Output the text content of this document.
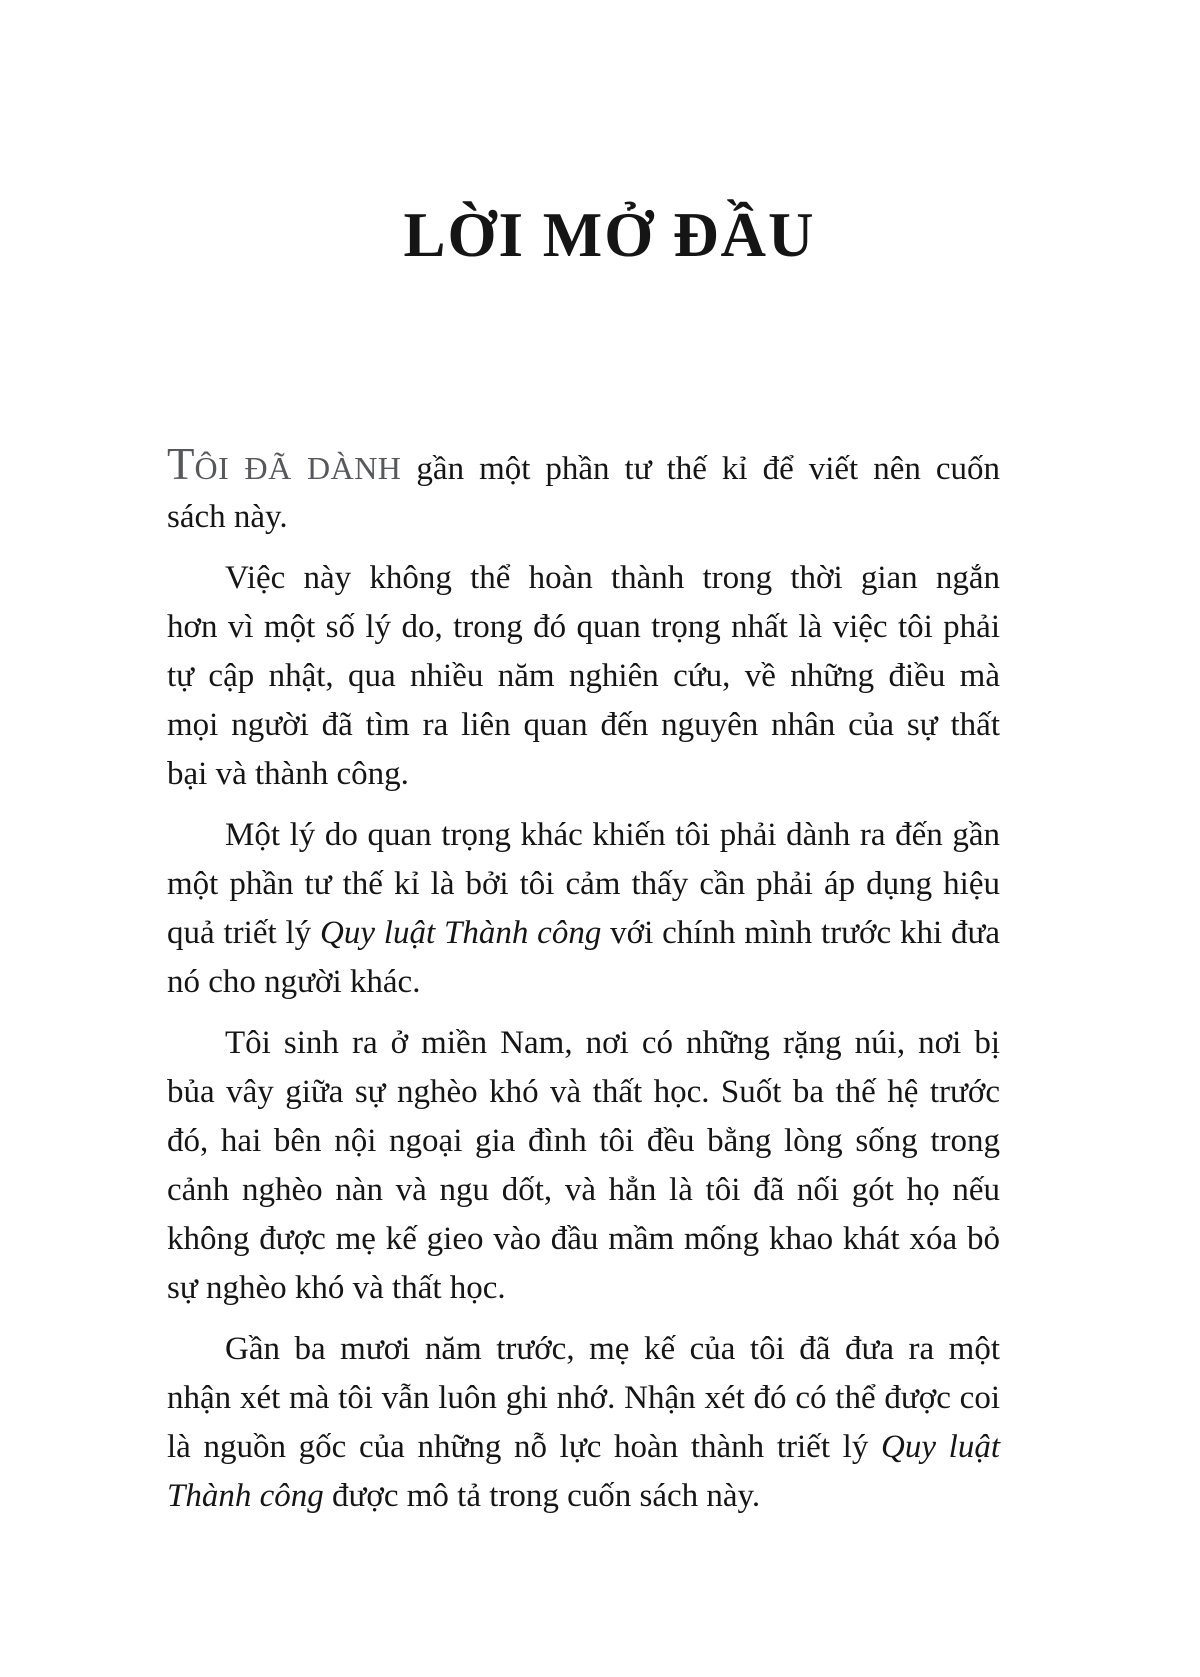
LỜI MỞ ĐẦU

TÔI ĐÃ DÀNH gần một phần tư thế kỉ để viết nên cuốn
sách này.

Việc này không thể hoàn thành trong thời gian ngắn
hơn vì một số lý do, trong đó quan trọng nhất là việc tôi phải
tự cập nhật, qua nhiều năm nghiên cứu, về những điều mà
mọi người đã tìm ra liên quan đến nguyên nhân của sự thất
bại và thành công.

Một lý do quan trọng khác khiến tôi phải dành ra đến gần
một phần tư thế kỉ là bởi tôi cảm thấy cần phải áp dụng hiệu
quả triết lý Quy luật Thành công với chính mình trước khi đưa
nó cho người khác.

Tôi sinh ra ở miền Nam, nơi có những rặng núi, nơi bị
bủa vây giữa sự nghèo khó và thất học. Suốt ba thế hệ trước
đó, hai bên nội ngoại gia đình tôi đều bằng lòng sống trong
cảnh nghèo nàn và ngu dốt, và hẳn là tôi đã nối gót họ nếu
không được mẹ kế gieo vào đầu mầm mống khao khát xóa bỏ
sự nghèo khó và thất học.

Gần ba mươi năm trước, mẹ kế của tôi đã đưa ra một
nhận xét mà tôi vẫn luôn ghi nhớ. Nhận xét đó có thể được coi
là nguồn gốc của những nỗ lực hoàn thành triết lý Quy luật
Thành công được mô tả trong cuốn sách này.
